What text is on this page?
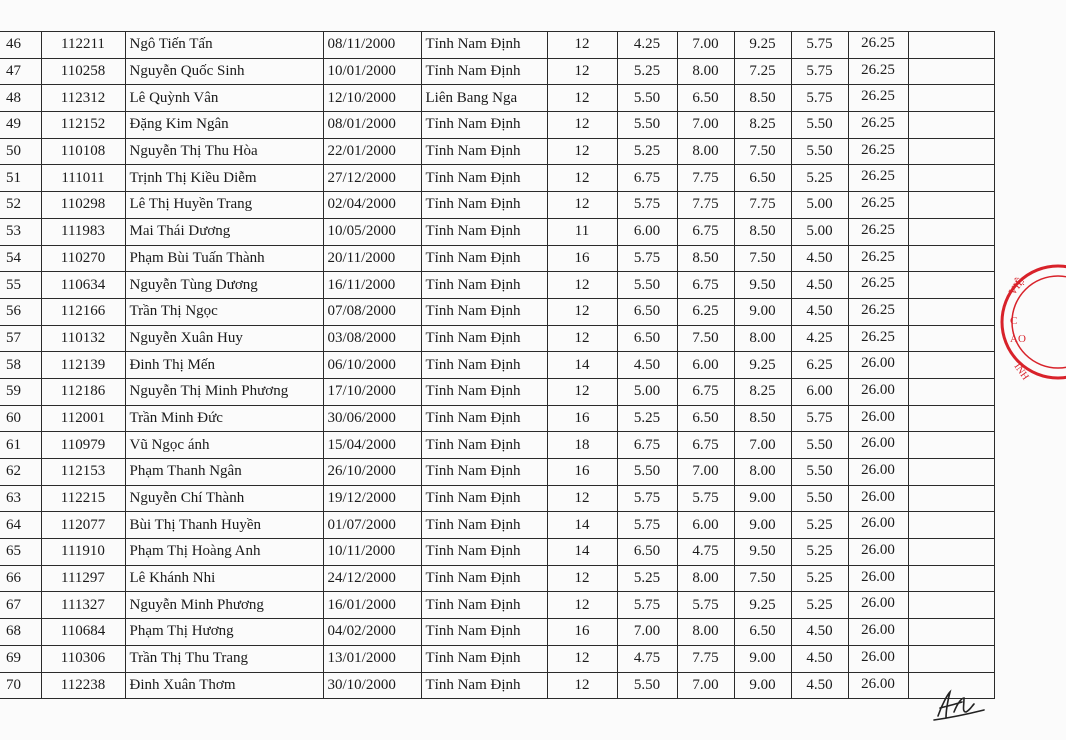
46	112211	Ngô Tiến Tấn	08/11/2000	Tỉnh Nam Định	12	4.25	7.00	9.25	5.75	26.25	
47	110258	Nguyễn Quốc Sinh	10/01/2000	Tỉnh Nam Định	12	5.25	8.00	7.25	5.75	26.25	
48	112312	Lê Quỳnh Vân	12/10/2000	Liên Bang Nga	12	5.50	6.50	8.50	5.75	26.25	
49	112152	Đặng Kim Ngân	08/01/2000	Tỉnh Nam Định	12	5.50	7.00	8.25	5.50	26.25	
50	110108	Nguyễn Thị Thu Hòa	22/01/2000	Tỉnh Nam Định	12	5.25	8.00	7.50	5.50	26.25	
51	111011	Trịnh Thị Kiều Diễm	27/12/2000	Tỉnh Nam Định	12	6.75	7.75	6.50	5.25	26.25	
52	110298	Lê Thị Huyền Trang	02/04/2000	Tỉnh Nam Định	12	5.75	7.75	7.75	5.00	26.25	
53	111983	Mai Thái Dương	10/05/2000	Tỉnh Nam Định	11	6.00	6.75	8.50	5.00	26.25	
54	110270	Phạm Bùi Tuấn Thành	20/11/2000	Tỉnh Nam Định	16	5.75	8.50	7.50	4.50	26.25	
55	110634	Nguyễn Tùng Dương	16/11/2000	Tỉnh Nam Định	12	5.50	6.75	9.50	4.50	26.25	
56	112166	Trần Thị Ngọc	07/08/2000	Tỉnh Nam Định	12	6.50	6.25	9.00	4.50	26.25	
57	110132	Nguyễn Xuân Huy	03/08/2000	Tỉnh Nam Định	12	6.50	7.50	8.00	4.25	26.25	
58	112139	Đinh Thị Mến	06/10/2000	Tỉnh Nam Định	14	4.50	6.00	9.25	6.25	26.00	
59	112186	Nguyễn Thị Minh Phương	17/10/2000	Tỉnh Nam Định	12	5.00	6.75	8.25	6.00	26.00	
60	112001	Trần Minh Đức	30/06/2000	Tỉnh Nam Định	16	5.25	6.50	8.50	5.75	26.00	
61	110979	Vũ Ngọc ánh	15/04/2000	Tỉnh Nam Định	18	6.75	6.75	7.00	5.50	26.00	
62	112153	Phạm Thanh Ngân	26/10/2000	Tỉnh Nam Định	16	5.50	7.00	8.00	5.50	26.00	
63	112215	Nguyễn Chí Thành	19/12/2000	Tỉnh Nam Định	12	5.75	5.75	9.00	5.50	26.00	
64	112077	Bùi Thị Thanh Huyền	01/07/2000	Tỉnh Nam Định	14	5.75	6.00	9.00	5.25	26.00	
65	111910	Phạm Thị Hoàng Anh	10/11/2000	Tỉnh Nam Định	14	6.50	4.75	9.50	5.25	26.00	
66	111297	Lê Khánh Nhi	24/12/2000	Tỉnh Nam Định	12	5.25	8.00	7.50	5.25	26.00	
67	111327	Nguyễn Minh Phương	16/01/2000	Tỉnh Nam Định	12	5.75	5.75	9.25	5.25	26.00	
68	110684	Phạm Thị Hương	04/02/2000	Tỉnh Nam Định	16	7.00	8.00	6.50	4.50	26.00	
69	110306	Trần Thị Thu Trang	13/01/2000	Tỉnh Nam Định	12	4.75	7.75	9.00	4.50	26.00	
70	112238	Đinh Xuân Thơm	30/10/2000	Tỉnh Nam Định	12	5.50	7.00	9.00	4.50	26.00	
VIỆ
C
ÀO
INH
